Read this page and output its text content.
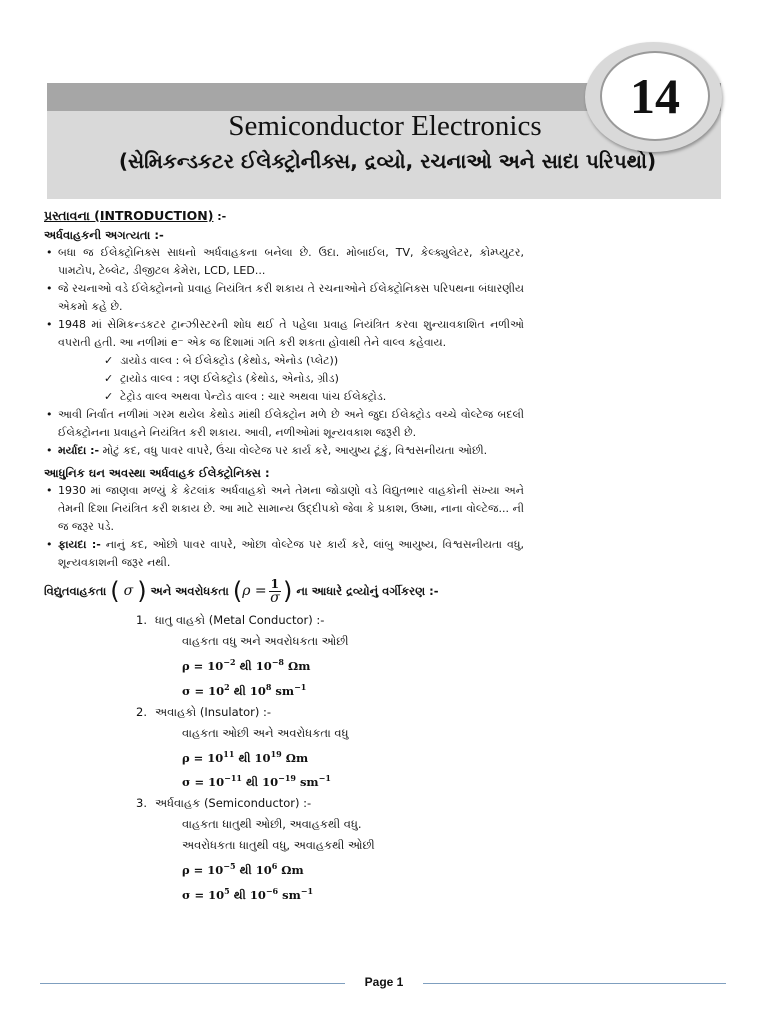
Semiconductor Electronics
(સેમિકન્ડકટર ઈલેક્ટ્રોનીક્સ, દ્રવ્યો, રચનાઓ અને સાદા પરિપથો)
14
પ્રસ્તાવના (INTRODUCTION) :-
અર્ધવાહકની અગત્યતા :-
• બધા જ ઈલેક્ટ્રોનિક્સ સાધનો અર્ધવાહકના બનેલા છે. ઉદા. મોબાઈલ, TV, કેલ્ક્યુલેટર, કોમ્પ્યુટર, પામટોપ, ટેબ્લેટ, ડીજીટલ કેમેરા, LCD, LED...
• જે રચનાઓ વડે ઈલેક્ટ્રોનનો પ્રવાહ નિયંત્રિત કરી શકાય તે રચનાઓને ઈલેક્ટ્રોનિક્સ પરિપથના બંધારણીય એકમો કહે છે.
• 1948 માં સેમિકન્ડકટર ટ્રાન્ઝીસ્ટરની શોધ થઈ તે પહેલા પ્રવાહ નિયંત્રિત કરવા શુન્યાવકાશિત નળીઓ વપરાતી હતી. આ નળીમાં e⁻ એક જ દિશામાં ગતિ કરી શકતા હોવાથી તેને વાલ્વ કહેવાય.
✓ ડાયોડ વાલ્વ : બે ઈલેક્ટ્રોડ (કેથોડ, એનોડ (પ્લેટ))
✓ ટ્રાયોડ વાલ્વ : ત્રણ ઈલેક્ટ્રોડ (કેથોડ, એનોડ, ગ્રીડ)
✓ ટેટ્રોડ વાલ્વ અથવા પેન્ટોડ વાલ્વ : ચાર અથવા પાંચ ઈલેક્ટ્રોડ.
• આવી નિર્વાત નળીમાં ગરમ થયેલ કેથોડ માંથી ઈલેક્ટ્રોન મળે છે અને જુદા ઈલેક્ટ્રોડ વચ્ચે વોલ્ટેજ બદલી ઈલેક્ટ્રોનના પ્રવાહને નિયંત્રિત કરી શકાય. આવી, નળીઓમાં શૂન્યવકાશ જરૂરી છે.
• મર્યાદા :- મોટું કદ, વધુ પાવર વાપરે, ઉંચા વોલ્ટેજ પર કાર્ય કરે, આયુષ્ય ટૂંકું, વિશ્વસનીયતા ઓછી.
આધુનિક ઘન અવસ્થા અર્ધવાહક ઈલેક્ટ્રોનિક્સ :
• 1930 માં જાણવા મળ્યું કે કેટલાંક અર્ધવાહકો અને તેમના જોડાણો વડે વિદ્યુતભાર વાહકોની સંખ્યા અને તેમની દિશા નિયંત્રિત કરી શકાય છે. આ માટે સામાન્ય ઉદ્દીપકો જેવા કે પ્રકાશ, ઉષ્મા, નાના વોલ્ટેજ... ની જ જરૂર પડે.
• ફાયદા :- નાનું કદ, ઓછો પાવર વાપરે, ઓછા વોલ્ટેજ પર કાર્ય કરે, લાંબુ આયુષ્ય, વિશ્વસનીયતા વધુ, શૂન્યવકાશની જરૂર નથી.
વિદ્યુતવાહકતા ( σ ) અને અવરોધકતા ( $\rho = \frac{1}{\sigma}$ ) ના આધારે દ્રવ્યોનું વર્ગીકરણ :-
1. ધાતુ વાહકો (Metal Conductor) :-
વાહકતા વધુ અને અવરોધકતા ઓછી
$\rho = 10^{-2}$ થી $10^{-8}$ Ωm
$\sigma = 10^2$ થી $10^8$ $sm^{-1}$
2. અવાહકો (Insulator) :-
વાહકતા ઓછી અને અવરોધકતા વધુ
$\rho = 10^{11}$ થી $10^{19}$ Ωm
$\sigma = 10^{-11}$ થી $10^{-19}$ $sm^{-1}$
3. અર્ધવાહક (Semiconductor) :-
વાહકતા ધાતુથી ઓછી, અવાહકથી વધુ.
અવરોધકતા ધાતુથી વધુ, અવાહકથી ઓછી
$\rho = 10^{-5}$ થી $10^6$ Ωm
$\sigma = 10^5$ થી $10^{-6}$ $sm^{-1}$
Page 1
